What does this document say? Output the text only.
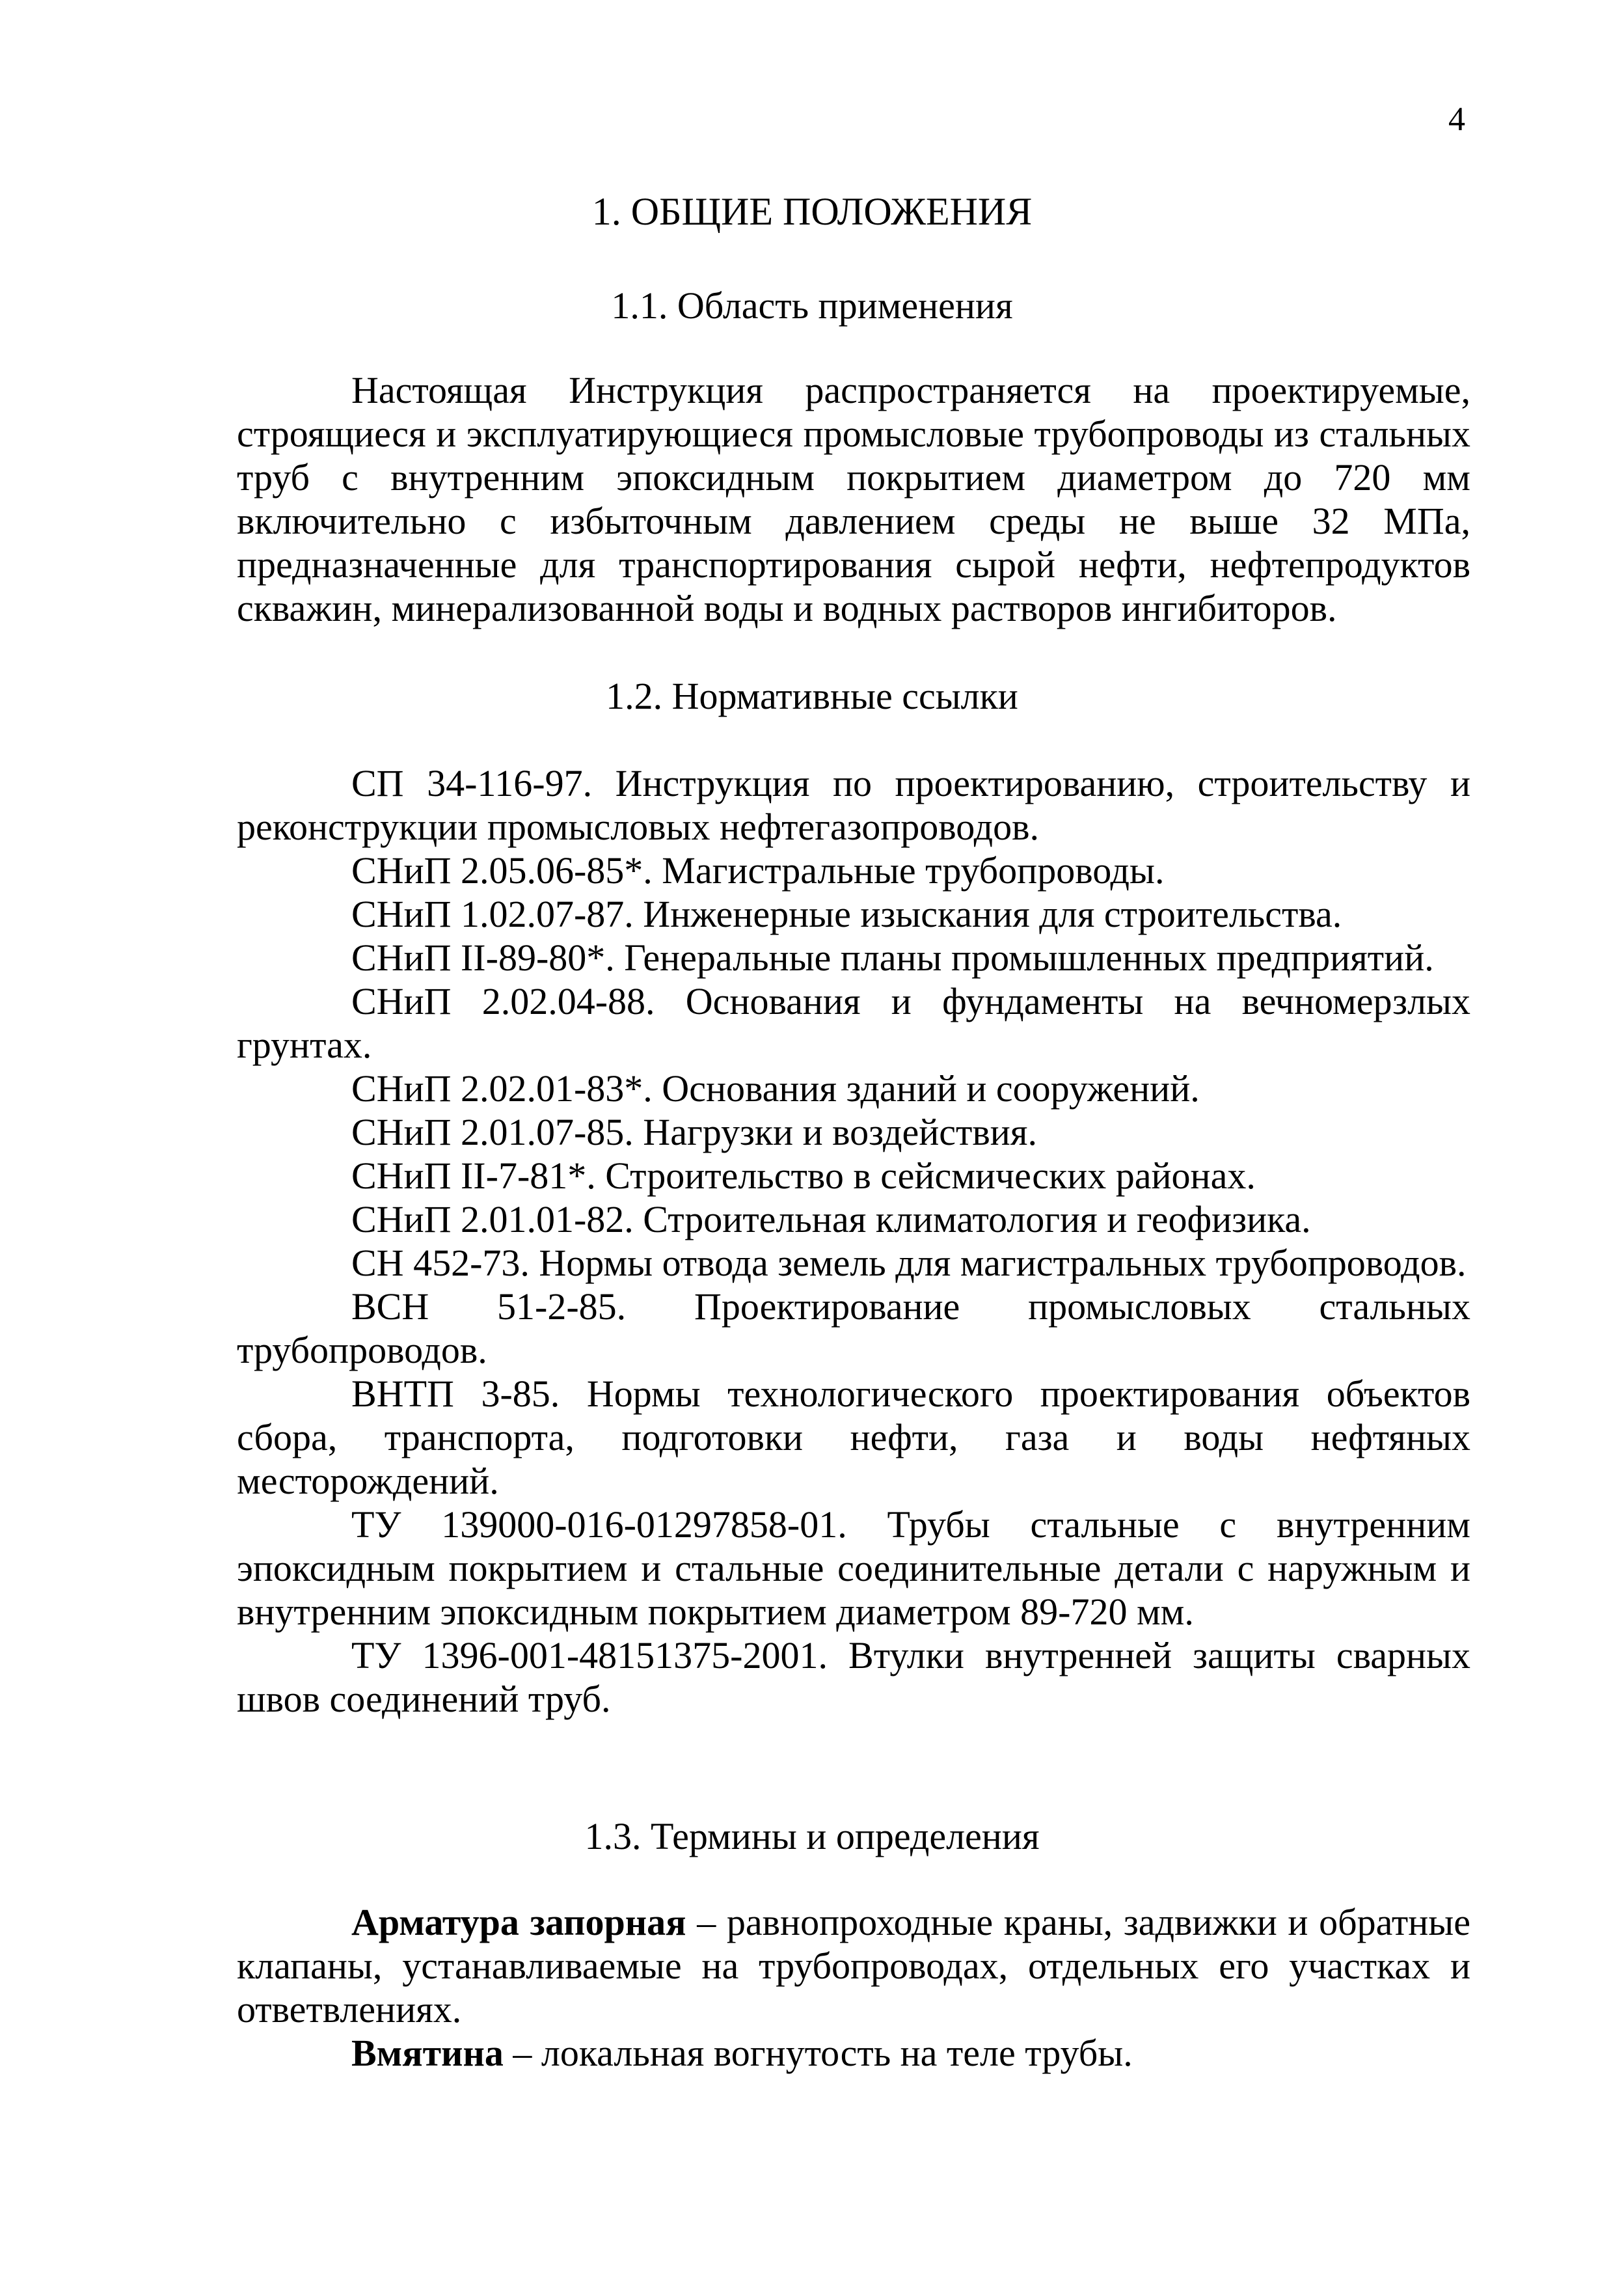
4
1. ОБЩИЕ ПОЛОЖЕНИЯ
1.1. Область применения

Настоящая Инструкция распространяется на проектируемые, строящиеся и эксплуатирующиеся промысловые трубопроводы из стальных труб с внутренним эпоксидным покрытием диаметром до 720 мм включительно с избыточным давлением среды не выше 32 МПа, предназначенные для транспортирования сырой нефти, нефтепродуктов скважин, минерализованной воды и водных растворов ингибиторов.

1.2. Нормативные ссылки

СП 34-116-97. Инструкция по проектированию, строительству и реконструкции промысловых нефтегазопроводов.

СНиП 2.05.06-85*. Магистральные трубопроводы.

СНиП 1.02.07-87. Инженерные изыскания для строительства.

СНиП II-89-80*. Генеральные планы промышленных предприятий.

СНиП 2.02.04-88. Основания и фундаменты на вечномерзлых грунтах.

СНиП 2.02.01-83*. Основания зданий и сооружений.

СНиП 2.01.07-85. Нагрузки и воздействия.

СНиП II-7-81*. Строительство в сейсмических районах.

СНиП 2.01.01-82. Строительная климатология и геофизика.

СН 452-73. Нормы отвода земель для магистральных трубопроводов.

ВСН 51-2-85. Проектирование промысловых стальных трубопроводов.

ВНТП 3-85. Нормы технологического проектирования объектов сбора, транспорта, подготовки нефти, газа и воды нефтяных месторождений.

ТУ 139000-016-01297858-01. Трубы стальные с внутренним эпоксидным покрытием и стальные соединительные детали с наружным и внутренним эпоксидным покрытием диаметром 89-720 мм.

ТУ 1396-001-48151375-2001. Втулки внутренней защиты сварных швов соединений труб.

1.3. Термины и определения

Арматура запорная – равнопроходные краны, задвижки и обратные клапаны, устанавливаемые на трубопроводах, отдельных его участках и ответвлениях.

Вмятина – локальная вогнутость на теле трубы.
